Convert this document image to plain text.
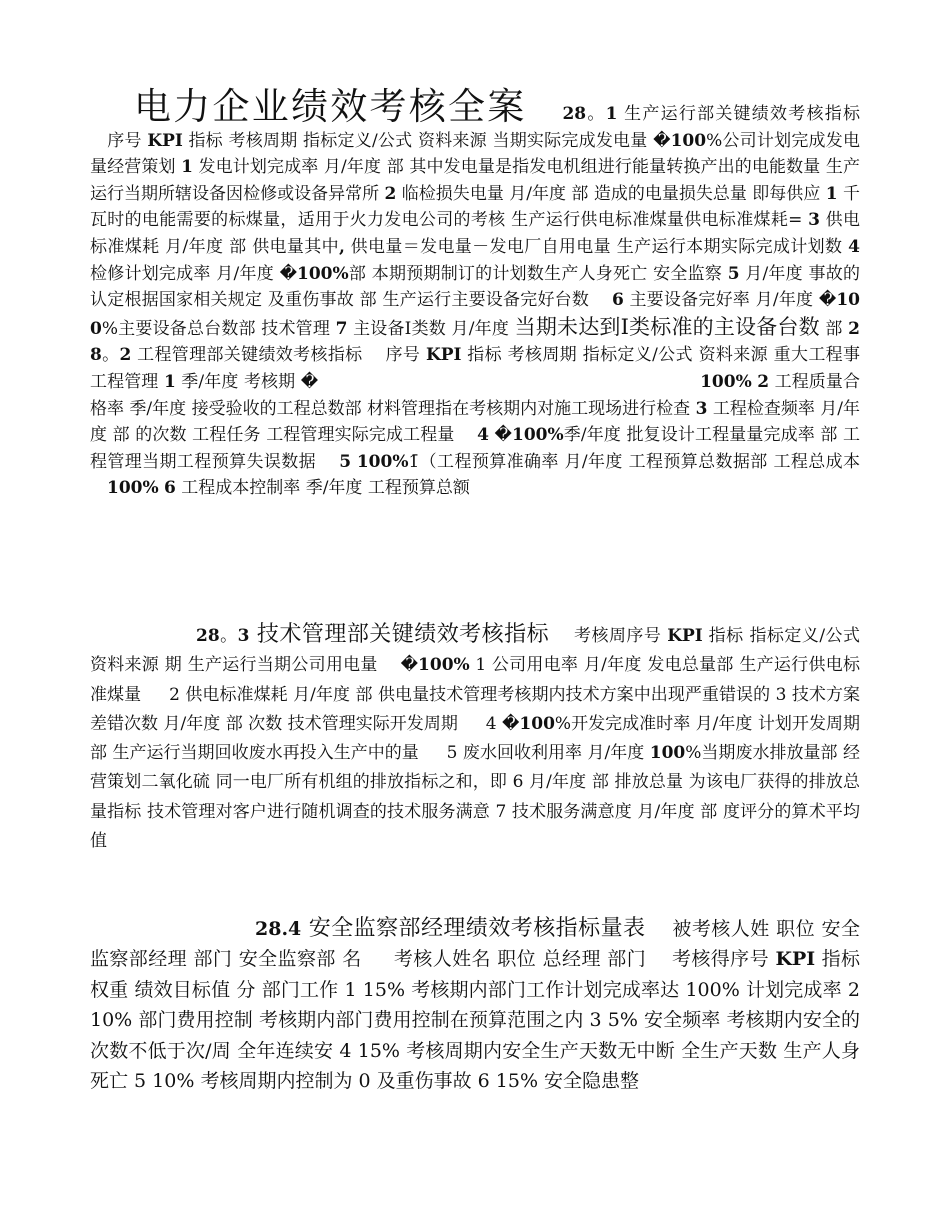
电力企业绩效考核全案 28。1 生产运行部关键绩效考核指标 　序号 KPI 指标 考核周期 指标定义/公式 资料来源 当期实际完成发电量 �100%公司计划完成发电量经营策划 1 发电计划完成率 月/年度 部 其中发电量是指发电机组进行能量转换产出的电能数量 生产运行当期所辖设备因检修或设备异常所 2 临检损失电量 月/年度 部 造成的电量损失总量 即每供应 1 千瓦时的电能需要的标煤量，适用于火力发电公司的考核 生产运行供电标准煤量供电标准煤耗= 3 供电标准煤耗 月/年度 部 供电量其中, 供电量＝发电量－发电厂自用电量 生产运行本期实际完成计划数 4 检修计划完成率 月/年度 �100%部 本期预期制订的计划数生产人身死亡 安全监察 5 月/年度 事故的认定根据国家相关规定 及重伤事故 部 生产运行主要设备完好台数 　6 主要设备完好率 月/年度 �100%主要设备总台数部 技术管理 7 主设备Ⅰ类数 月/年度 当期未达到Ⅰ类标准的主设备台数 部 28。2 工程管理部关键绩效考核指标 　序号 KPI 指标 考核周期 指标定义/公式 资料来源 重大工程事 工程管理 1 季/年度 考核期 �　　　　　　　　　　　　　　　　　　　　　　 100% 2 工程质量合格率 季/年度 接受验收的工程总数部 材料管理指在考核期内对施工现场进行检查 3 工程检查频率 月/年度 部 的次数 工程任务 工程管理实际完成工程量 　4 �100%季/年度 批复设计工程量量完成率 部 工程管理当期工程预算失误数据 　5 100%1̄（工程预算准确率 月/年度 工程预算总数据部 工程总成本 　100% 6 工程成本控制率 季/年度 工程预算总额
28。3 技术管理部关键绩效考核指标 　考核周序号 KPI 指标 指标定义/公式 资料来源 期 生产运行当期公司用电量 　�100% 1 公司用电率 月/年度 发电总量部 生产运行供电标准煤量 　 2 供电标准煤耗 月/年度 部 供电量技术管理考核期内技术方案中出现严重错误的 3 技术方案差错次数 月/年度 部 次数 技术管理实际开发周期 　 4 �100%开发完成准时率 月/年度 计划开发周期部 生产运行当期回收废水再投入生产中的量 　 5 废水回收利用率 月/年度 100%当期废水排放量部 经营策划二氧化硫 同一电厂所有机组的排放指标之和，即 6 月/年度 部 排放总量 为该电厂获得的排放总量指标 技术管理对客户进行随机调查的技术服务满意 7 技术服务满意度 月/年度 部 度评分的算术平均值
28.4 安全监察部经理绩效考核指标量表 　被考核人姓 职位 安全监察部经理 部门 安全监察部 名 　 考核人姓名 职位 总经理 部门 　考核得序号 KPI 指标 权重 绩效目标值 分 部门工作 1 15% 考核期内部门工作计划完成率达 100% 计划完成率 2 10% 部门费用控制 考核期内部门费用控制在预算范围之内 3 5% 安全频率 考核期内安全的次数不低于次/周 全年连续安 4 15% 考核周期内安全生产天数无中断 全生产天数 生产人身死亡 5 10% 考核周期内控制为 0 及重伤事故 6 15% 安全隐患整
